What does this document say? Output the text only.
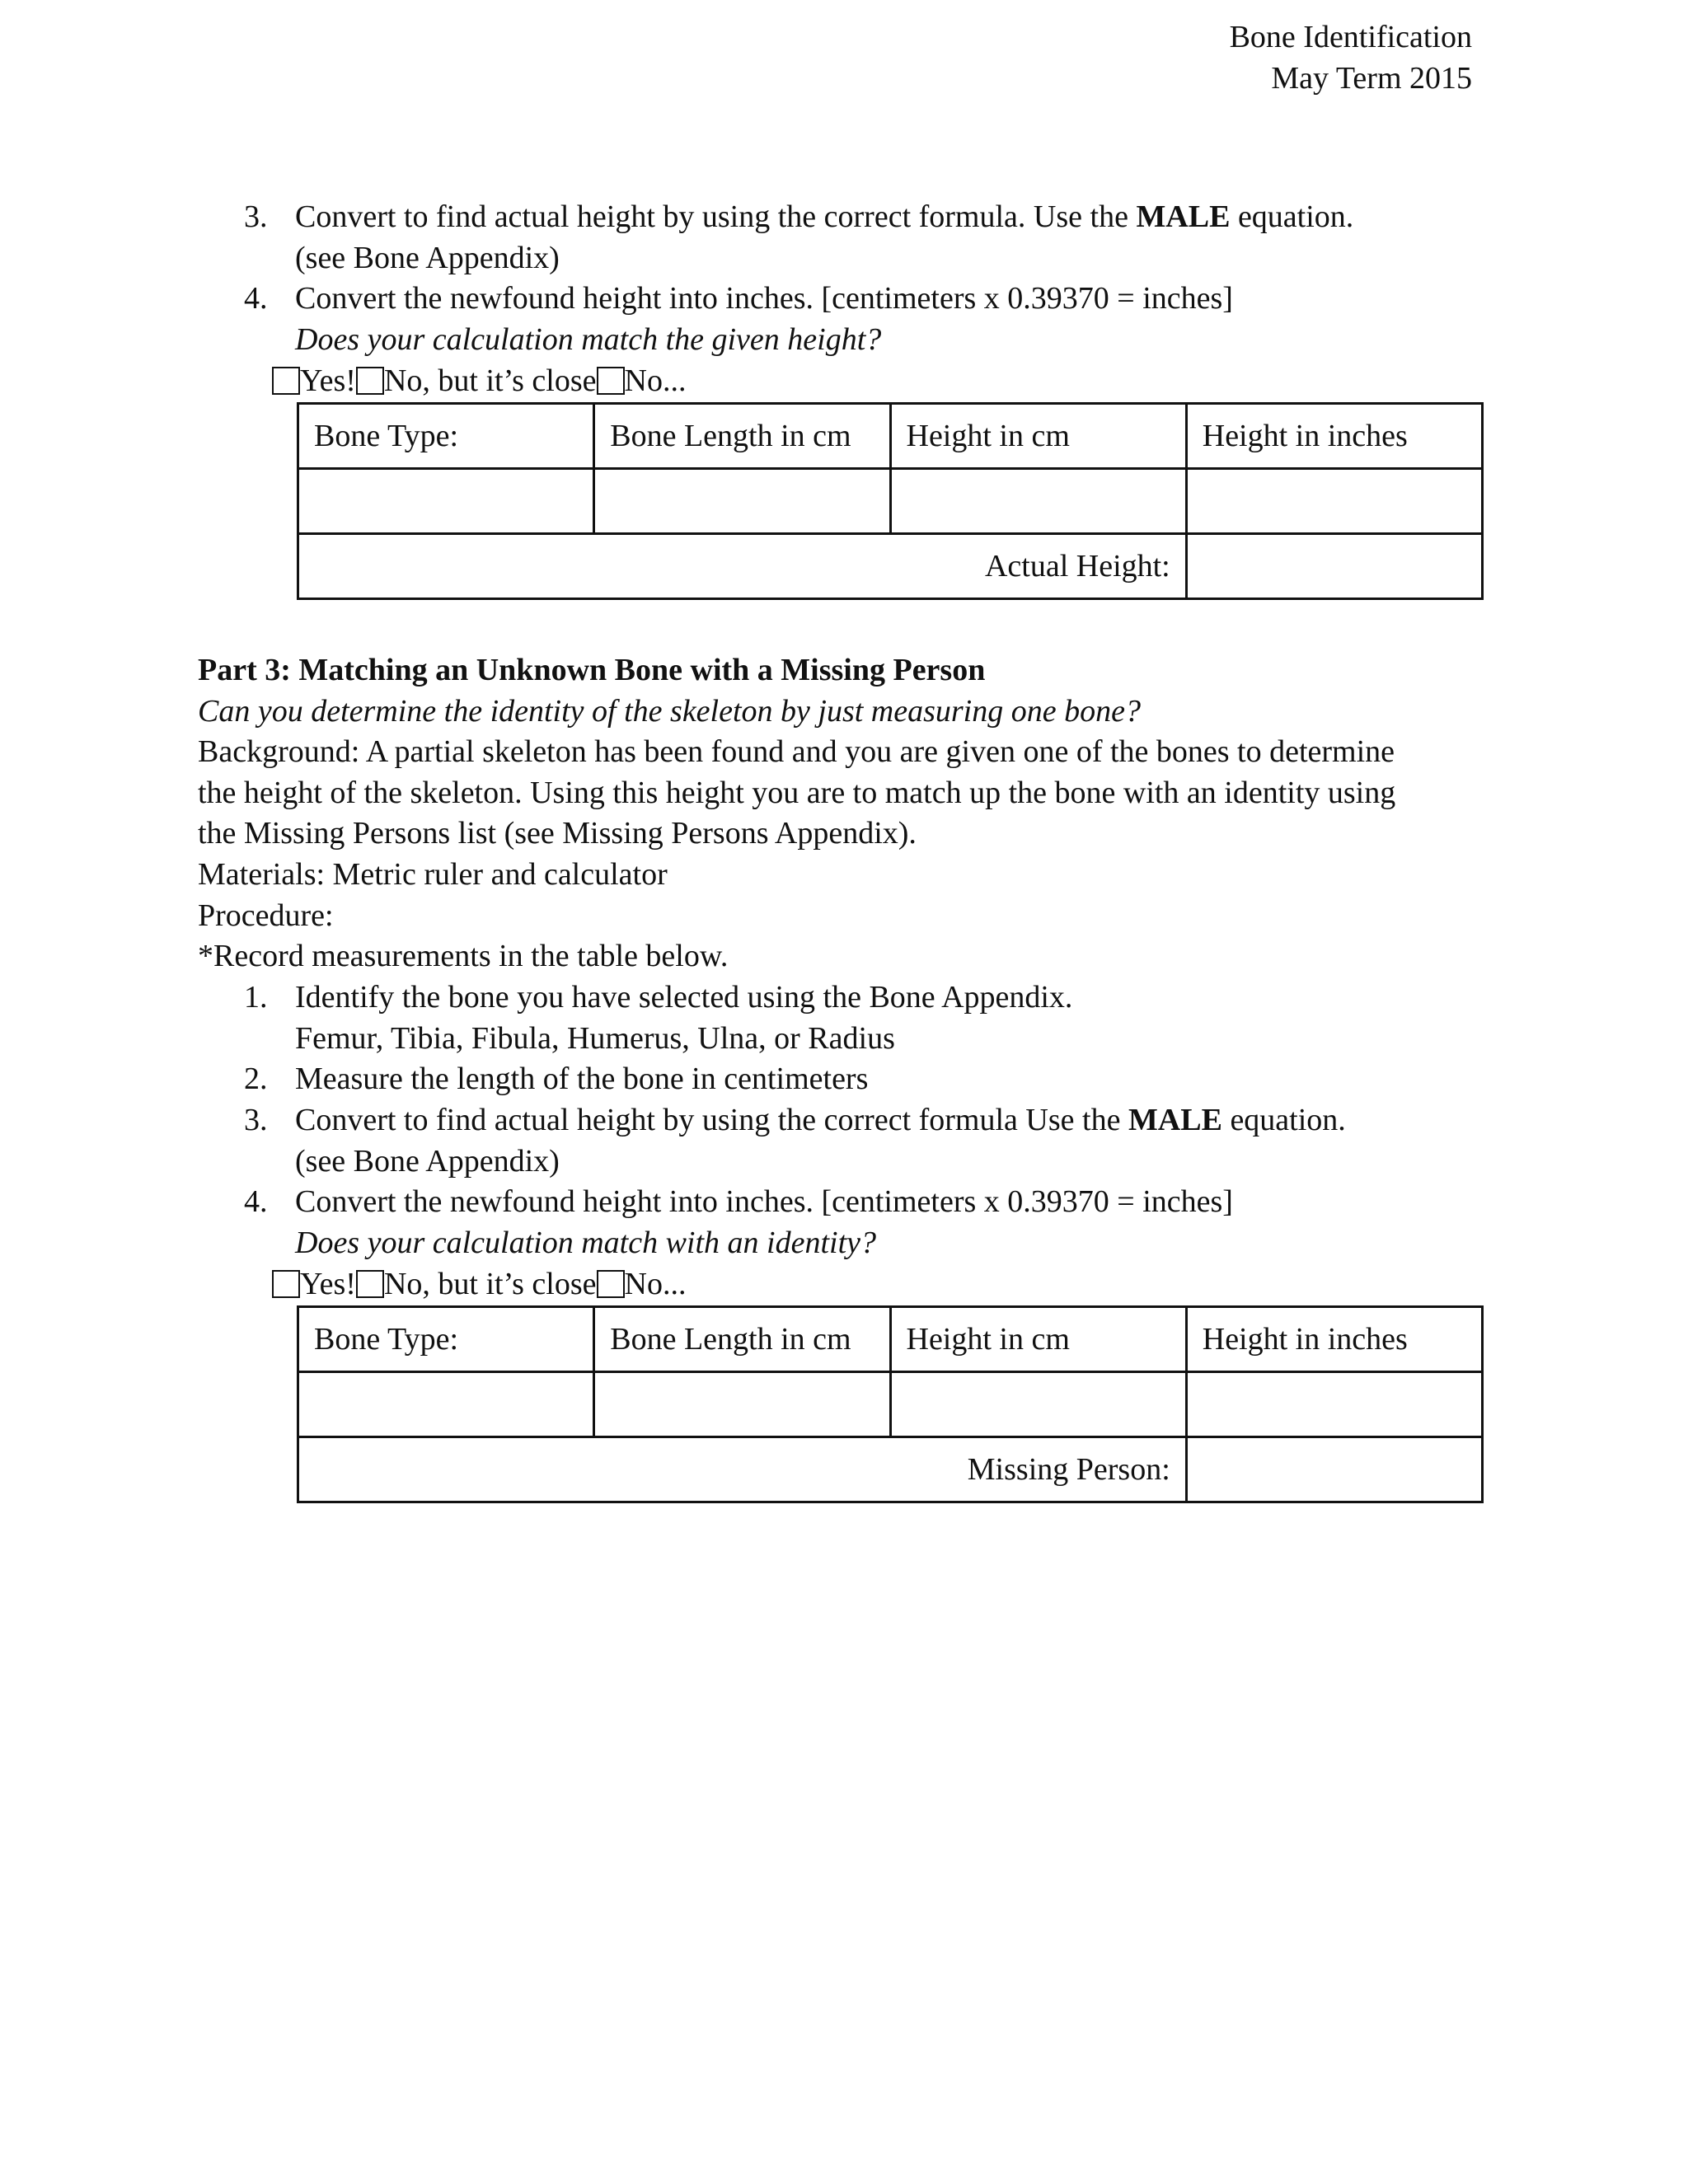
Bone Identification
May Term 2015
3. Convert to find actual height by using the correct formula. Use the MALE equation.
(see Bone Appendix)
4. Convert the newfound height into inches. [centimeters x 0.39370 = inches]
Does your calculation match the given height?
Yes! No, but it’s close No...
Bone Type:	Bone Length in cm	Height in cm	Height in inches

Actual Height:			
Part 3: Matching an Unknown Bone with a Missing Person
Can you determine the identity of the skeleton by just measuring one bone?
Background: A partial skeleton has been found and you are given one of the bones to determine
the height of the skeleton. Using this height you are to match up the bone with an identity using
the Missing Persons list (see Missing Persons Appendix).
Materials: Metric ruler and calculator
Procedure:
*Record measurements in the table below.
1. Identify the bone you have selected using the Bone Appendix.
Femur, Tibia, Fibula, Humerus, Ulna, or Radius
2. Measure the length of the bone in centimeters
3. Convert to find actual height by using the correct formula Use the MALE equation.
(see Bone Appendix)
4. Convert the newfound height into inches. [centimeters x 0.39370 = inches]
Does your calculation match with an identity?
Yes! No, but it’s close No...
Bone Type:	Bone Length in cm	Height in cm	Height in inches

Missing Person:			
